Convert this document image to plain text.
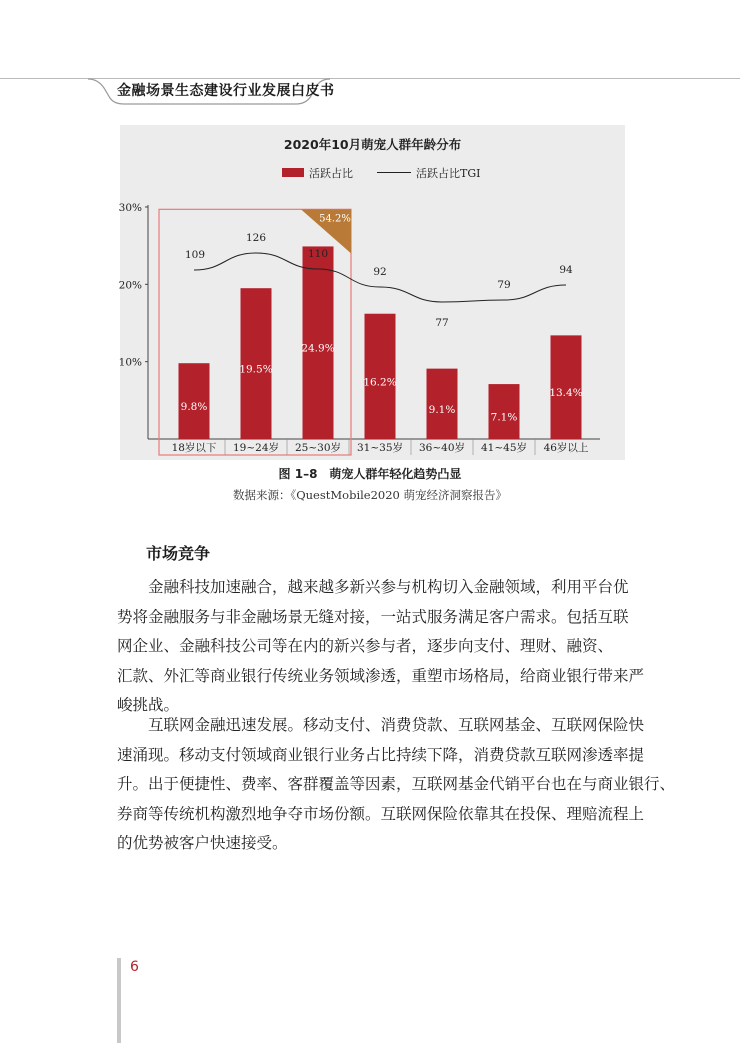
金融场景生态建设行业发展白皮书
2020年10月萌宠人群年龄分布
活跃占比	活跃占比TGI
10%
20%
30%
9.8%
19.5%
24.9%
16.2%
9.1%
7.1%
13.4%
54.2%
109
126
110
92
77
79
94
18岁以下 19~24岁 25~30岁 31~35岁 36~40岁 41~45岁 46岁以上
图 1–8　萌宠人群年轻化趋势凸显
数据来源：《QuestMobile2020 萌宠经济洞察报告》
市场竞争
　　金融科技加速融合，越来越多新兴参与机构切入金融领域，利用平台优
势将金融服务与非金融场景无缝对接，一站式服务满足客户需求。包括互联
网企业、金融科技公司等在内的新兴参与者，逐步向支付、理财、融资、
汇款、外汇等商业银行传统业务领域渗透，重塑市场格局，给商业银行带来严
峻挑战。
　　互联网金融迅速发展。移动支付、消费贷款、互联网基金、互联网保险快
速涌现。移动支付领域商业银行业务占比持续下降，消费贷款互联网渗透率提
升。出于便捷性、费率、客群覆盖等因素，互联网基金代销平台也在与商业银行、
券商等传统机构激烈地争夺市场份额。互联网保险依靠其在投保、理赔流程上
的优势被客户快速接受。
6
